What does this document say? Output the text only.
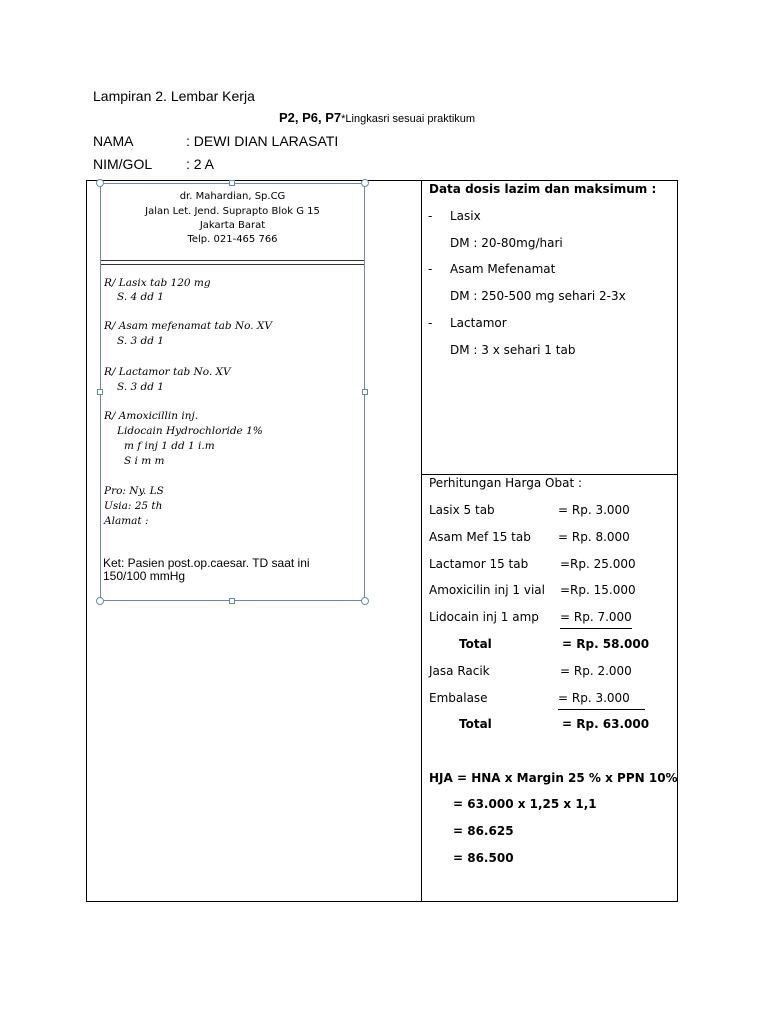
Lampiran 2. Lembar Kerja
P2, P6, P7*Lingkasri sesuai praktikum
NAMA	: DEWI DIAN LARASATI
NIM/GOL : 2 A
dr. Mahardian, Sp.CG
Jalan Let. Jend. Suprapto Blok G 15
Jakarta Barat
Telp. 021-465 766
R/ Lasix tab 120 mg
S. 4 dd 1
R/ Asam mefenamat tab No. XV
S. 3 dd 1
R/ Lactamor tab No. XV
S. 3 dd 1
R/ Amoxicillin inj.
Lidocain Hydrochloride 1%
m f inj 1 dd 1 i.m
S i m m
Pro: Ny. LS
Usia: 25 th
Alamat :
Ket: Pasien post.op.caesar. TD saat ini
150/100 mmHg
Data dosis lazim dan maksimum :
- Lasix
DM : 20-80mg/hari
- Asam Mefenamat
DM : 250-500 mg sehari 2-3x
- Lactamor
DM : 3 x sehari 1 tab
Perhitungan Harga Obat :
Lasix 5 tab	= Rp. 3.000
Asam Mef 15 tab = Rp. 8.000
Lactamor 15 tab	=Rp. 25.000
Amoxicilin inj 1 vial =Rp. 15.000
Lidocain inj 1 amp = Rp. 7.000
Total	= Rp. 58.000
Jasa Racik	= Rp. 2.000
Embalase	= Rp. 3.000
Total	= Rp. 63.000
HJA = HNA x Margin 25 % x PPN 10%
= 63.000 x 1,25 x 1,1
= 86.625
= 86.500
